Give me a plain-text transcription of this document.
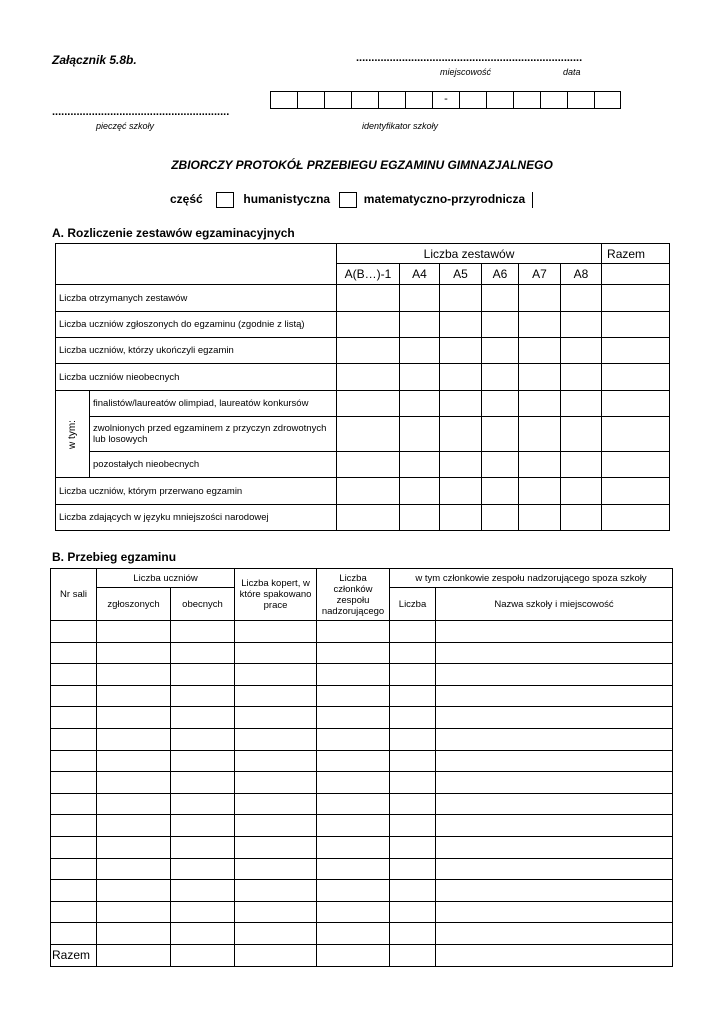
Załącznik 5.8b.	..........................................................................
miejscowość	data
-
..........................................................
pieczęć szkoły	identyfikator szkoły
ZBIORCZY PROTOKÓŁ PRZEBIEGU EGZAMINU GIMNAZJALNEGO
część	humanistyczna	matematyczno-przyrodnicza
A. Rozliczenie zestawów egzaminacyjnych
		Liczba zestawów						Razem
		A(B…)-1	A4	A5	A6	A7	A8	
Liczba otrzymanych zestawów								
Liczba uczniów zgłoszonych do egzaminu (zgodnie z listą)								
Liczba uczniów, którzy ukończyli egzamin								
Liczba uczniów nieobecnych								

w tym:	finalistów/laureatów olimpiad, laureatów konkursów							
	zwolnionych przed egzaminem z przyczyn zdrowotnych lub losowych							
	pozostałych nieobecnych							
Liczba uczniów, którym przerwano egzamin								
Liczba zdających w języku mniejszości narodowej								
B. Przebieg egzaminu
Nr sali	Liczba uczniów		Liczba kopert, w które spakowano prace	Liczba członków zespołu nadzorującego	w tym członkowie zespołu nadzorującego spoza szkoły	
	zgłoszonych	obecnych			Liczba	Nazwa szkoły i miejscowość

Razem						
